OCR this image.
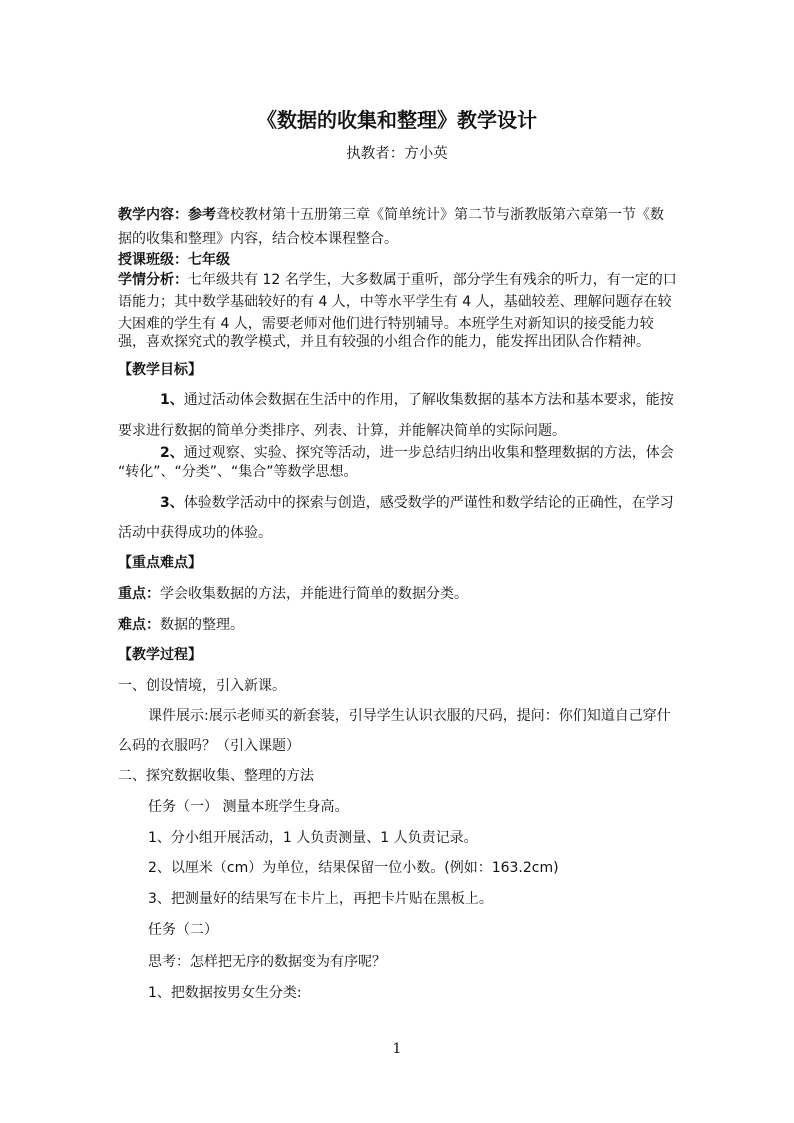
《数据的收集和整理》教学设计
执教者：方小英
教学内容：参考聋校教材第十五册第三章《简单统计》第二节与浙教版第六章第一节《数
据的收集和整理》内容，结合校本课程整合。
授课班级：七年级
学情分析：七年级共有 12 名学生，大多数属于重听，部分学生有残余的听力，有一定的口
语能力；其中数学基础较好的有 4 人，中等水平学生有 4 人，基础较差、理解问题存在较
大困难的学生有 4 人，需要老师对他们进行特别辅导。本班学生对新知识的接受能力较
强，喜欢探究式的教学模式，并且有较强的小组合作的能力，能发挥出团队合作精神。
【教学目标】
1、通过活动体会数据在生活中的作用，了解收集数据的基本方法和基本要求，能按
要求进行数据的简单分类排序、列表、计算，并能解决简单的实际问题。
2、通过观察、实验、探究等活动，进一步总结归纳出收集和整理数据的方法，体会
“转化”、“分类”、“集合”等数学思想。
3、体验数学活动中的探索与创造，感受数学的严谨性和数学结论的正确性，在学习
活动中获得成功的体验。
【重点难点】
重点：学会收集数据的方法，并能进行简单的数据分类。
难点：数据的整理。
【教学过程】
一、创设情境，引入新课。
课件展示:展示老师买的新套装，引导学生认识衣服的尺码，提问：你们知道自己穿什
么码的衣服吗？（引入课题）
二、探究数据收集、整理的方法
任务（一） 测量本班学生身高。
1、分小组开展活动，1 人负责测量、1 人负责记录。
2、以厘米（cm）为单位，结果保留一位小数。(例如：163.2cm)
3、把测量好的结果写在卡片上，再把卡片贴在黑板上。
任务（二）
思考：怎样把无序的数据变为有序呢？
1、把数据按男女生分类:
1
